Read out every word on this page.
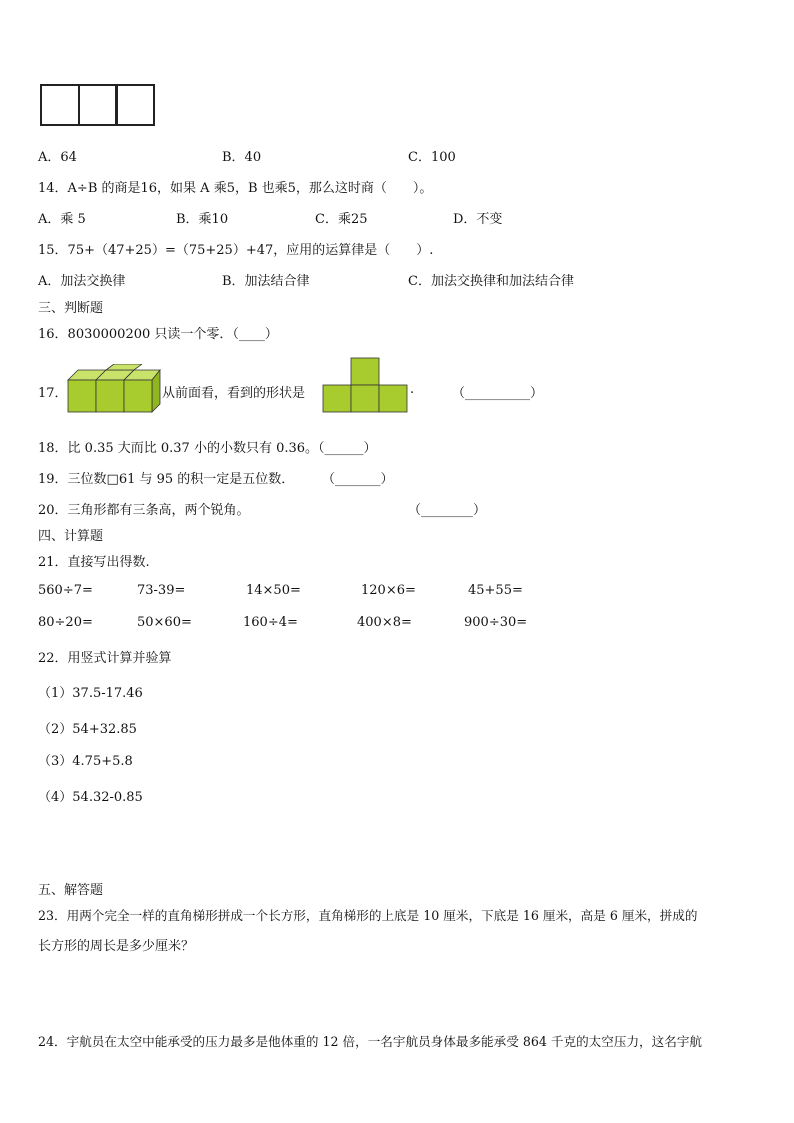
A．64	B．40	C．100
14．A÷B 的商是16，如果 A 乘5，B 也乘5，那么这时商（　　）。
A．乘 5	B．乘10	C．乘25	D．不变
15．75+（47+25）=（75+25）+47，应用的运算律是（　　）.
A．加法交换律	B．加法结合律	C．加法交换律和加法结合律
三、判断题
16．8030000200 只读一个零．（____）
17．	从前面看，看到的形状是	.	（__________）
18．比 0.35 大而比 0.37 小的小数只有 0.36。（______）
19．三位数□61 与 95 的积一定是五位数． （_______）
20．三角形都有三条高，两个锐角。	（________）
四、计算题
21．直接写出得数.
560÷7=	73-39=	14×50=	120×6=	45+55=
80÷20=	50×60=	160÷4=	400×8=	900÷30=
22．用竖式计算并验算
（1）37.5-17.46
（2）54+32.85
（3）4.75+5.8
（4）54.32-0.85
五、解答题
23．用两个完全一样的直角梯形拼成一个长方形，直角梯形的上底是 10 厘米，下底是 16 厘米，高是 6 厘米，拼成的
长方形的周长是多少厘米？
24．宇航员在太空中能承受的压力最多是他体重的 12 倍，一名宇航员身体最多能承受 864 千克的太空压力，这名宇航
